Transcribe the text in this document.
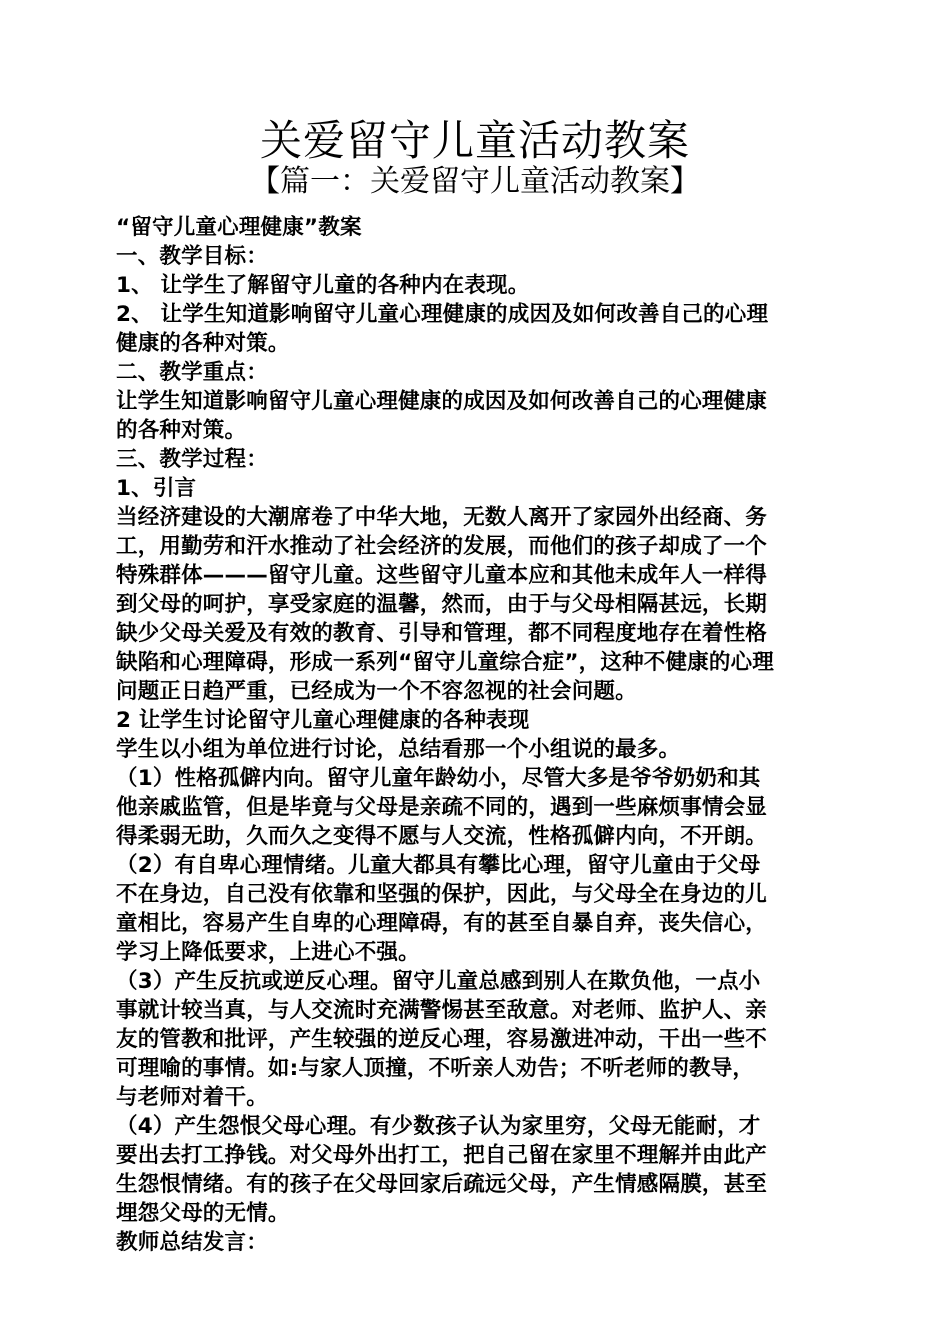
关爱留守儿童活动教案
【篇一：关爱留守儿童活动教案】
“留守儿童心理健康”教案
一、教学目标：
1、 让学生了解留守儿童的各种内在表现。
2、 让学生知道影响留守儿童心理健康的成因及如何改善自己的心理
健康的各种对策。
二、教学重点：
让学生知道影响留守儿童心理健康的成因及如何改善自己的心理健康
的各种对策。
三、教学过程：
1、引言
当经济建设的大潮席卷了中华大地，无数人离开了家园外出经商、务
工，用勤劳和汗水推动了社会经济的发展，而他们的孩子却成了一个
特殊群体———留守儿童。这些留守儿童本应和其他未成年人一样得
到父母的呵护，享受家庭的温馨，然而，由于与父母相隔甚远，长期
缺少父母关爱及有效的教育、引导和管理，都不同程度地存在着性格
缺陷和心理障碍，形成一系列“留守儿童综合症”，这种不健康的心理
问题正日趋严重，已经成为一个不容忽视的社会问题。
2 让学生讨论留守儿童心理健康的各种表现
学生以小组为单位进行讨论，总结看那一个小组说的最多。
（1）性格孤僻内向。留守儿童年龄幼小，尽管大多是爷爷奶奶和其
他亲戚监管，但是毕竟与父母是亲疏不同的，遇到一些麻烦事情会显
得柔弱无助，久而久之变得不愿与人交流，性格孤僻内向，不开朗。
（2）有自卑心理情绪。儿童大都具有攀比心理，留守儿童由于父母
不在身边，自己没有依靠和坚强的保护，因此，与父母全在身边的儿
童相比，容易产生自卑的心理障碍，有的甚至自暴自弃，丧失信心，
学习上降低要求，上进心不强。
（3）产生反抗或逆反心理。留守儿童总感到别人在欺负他，一点小
事就计较当真，与人交流时充满警惕甚至敌意。对老师、监护人、亲
友的管教和批评，产生较强的逆反心理，容易激进冲动，干出一些不
可理喻的事情。如:与家人顶撞，不听亲人劝告；不听老师的教导，
与老师对着干。
（4）产生怨恨父母心理。有少数孩子认为家里穷，父母无能耐，才
要出去打工挣钱。对父母外出打工，把自己留在家里不理解并由此产
生怨恨情绪。有的孩子在父母回家后疏远父母，产生情感隔膜，甚至
埋怨父母的无情。
教师总结发言：
